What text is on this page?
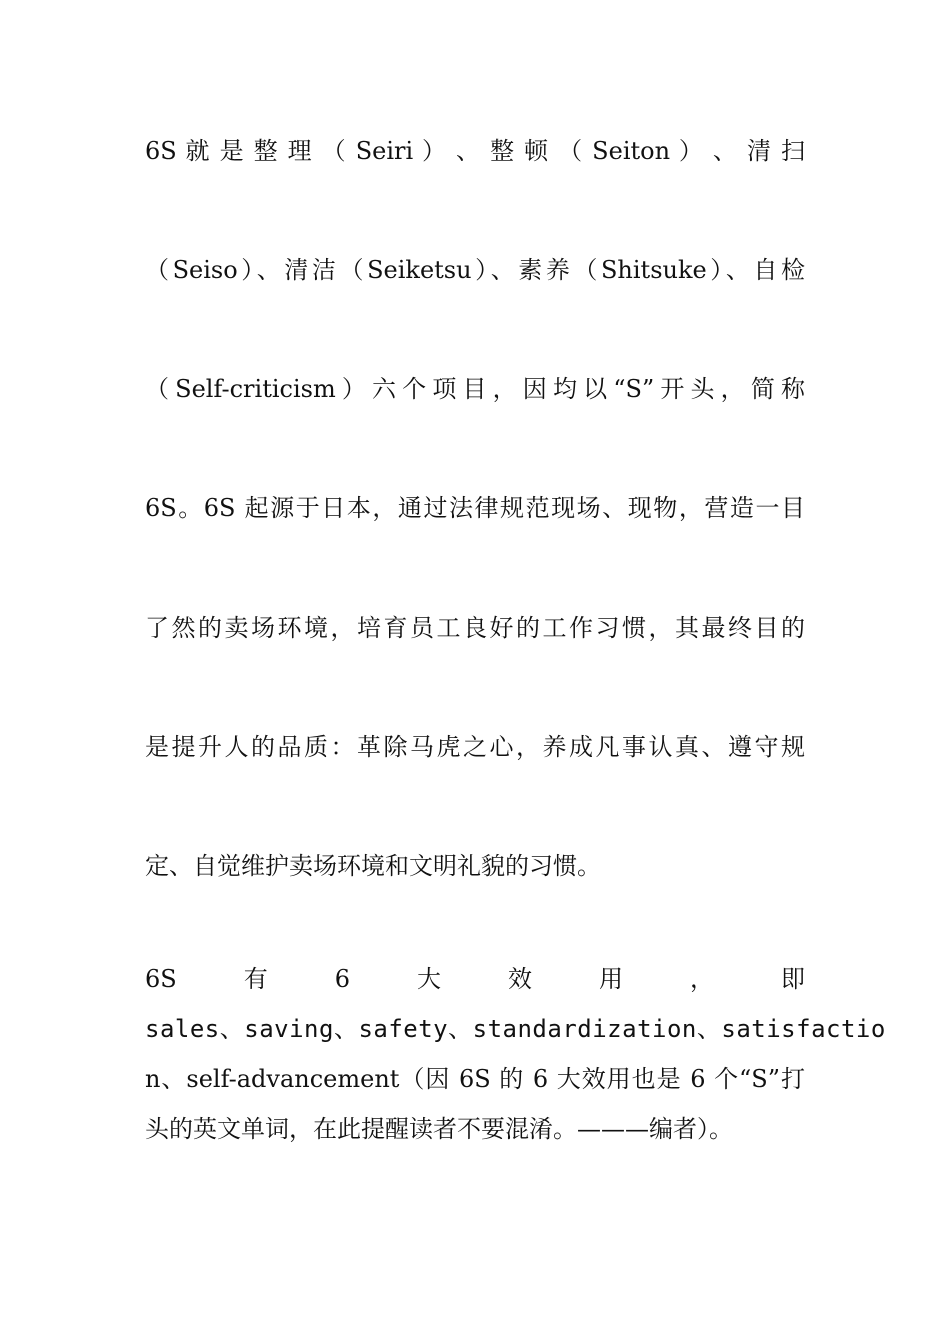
6S 就 是 整 理 （ Seiri ） 、 整 顿 （ Seiton ） 、 清 扫
（Seiso）、清洁（Seiketsu）、素养（Shitsuke）、自检
（Self-criticism）六个项目，因均以“S”开头，简称
6S。6S 起源于日本，通过法律规范现场、现物，营造一目
了然的卖场环境，培育员工良好的工作习惯，其最终目的
是提升人的品质：革除马虎之心，养成凡事认真、遵守规
定、自觉维护卖场环境和文明礼貌的习惯。
6S	有	6	大	效	用	，	即
sales、saving、safety、standardization、satisfactio
n、self-advancement（因 6S 的 6 大效用也是 6 个“S”打
头的英文单词，在此提醒读者不要混淆。———编者）。
